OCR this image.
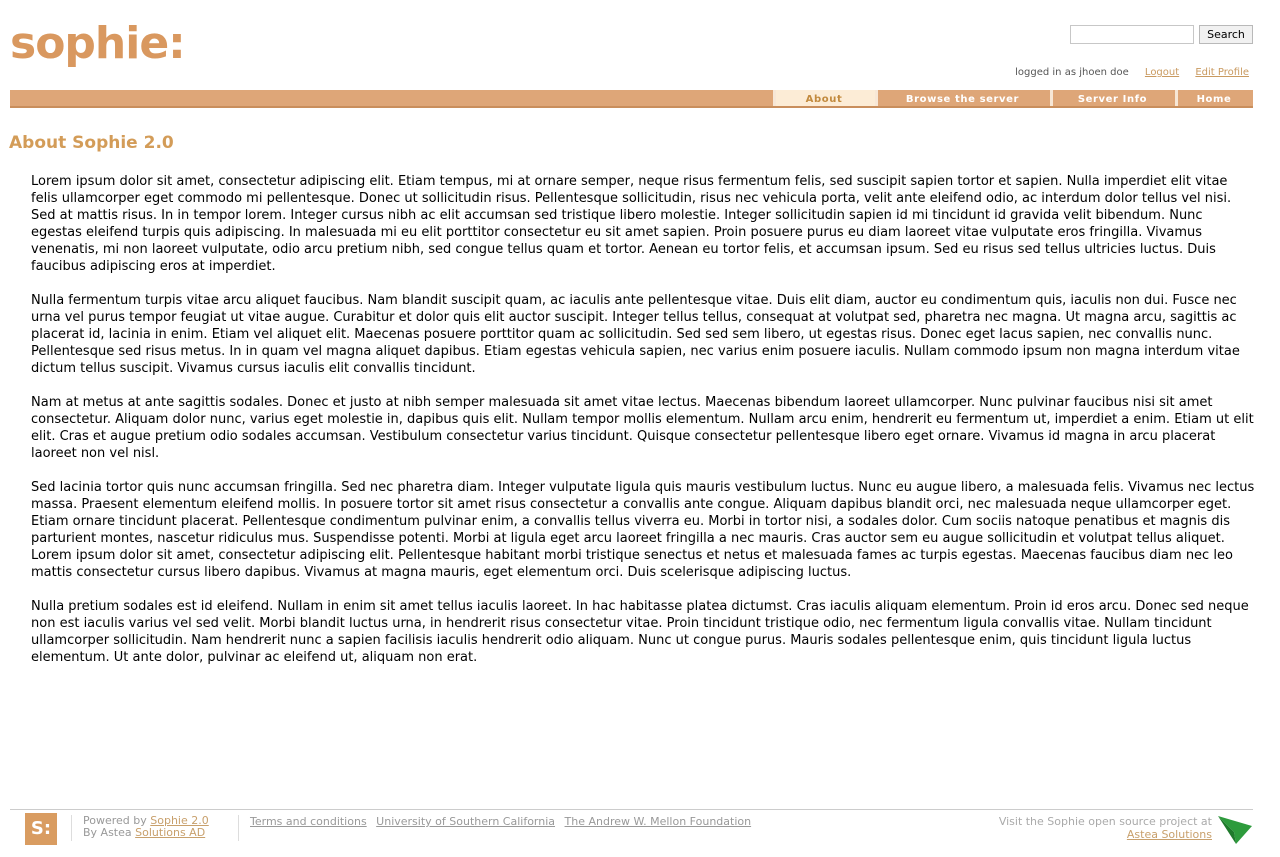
sophie:	Search
logged in as jhoen doe Logout Edit Profile
About	Browse the server	Server Info	Home
About Sophie 2.0

Lorem ipsum dolor sit amet, consectetur adipiscing elit. Etiam tempus, mi at ornare semper, neque risus fermentum felis, sed suscipit sapien tortor et sapien. Nulla imperdiet elit vitae felis ullamcorper eget commodo mi pellentesque. Donec ut sollicitudin risus. Pellentesque sollicitudin, risus nec vehicula porta, velit ante eleifend odio, ac interdum dolor tellus vel nisi. Sed at mattis risus. In in tempor lorem. Integer cursus nibh ac elit accumsan sed tristique libero molestie. Integer sollicitudin sapien id mi tincidunt id gravida velit bibendum. Nunc egestas eleifend turpis quis adipiscing. In malesuada mi eu elit porttitor consectetur eu sit amet sapien. Proin posuere purus eu diam laoreet vitae vulputate eros fringilla. Vivamus venenatis, mi non laoreet vulputate, odio arcu pretium nibh, sed congue tellus quam et tortor. Aenean eu tortor felis, et accumsan ipsum. Sed eu risus sed tellus ultricies luctus. Duis faucibus adipiscing eros at imperdiet.

Nulla fermentum turpis vitae arcu aliquet faucibus. Nam blandit suscipit quam, ac iaculis ante pellentesque vitae. Duis elit diam, auctor eu condimentum quis, iaculis non dui. Fusce nec urna vel purus tempor feugiat ut vitae augue. Curabitur et dolor quis elit auctor suscipit. Integer tellus tellus, consequat at volutpat sed, pharetra nec magna. Ut magna arcu, sagittis ac placerat id, lacinia in enim. Etiam vel aliquet elit. Maecenas posuere porttitor quam ac sollicitudin. Sed sed sem libero, ut egestas risus. Donec eget lacus sapien, nec convallis nunc. Pellentesque sed risus metus. In in quam vel magna aliquet dapibus. Etiam egestas vehicula sapien, nec varius enim posuere iaculis. Nullam commodo ipsum non magna interdum vitae dictum tellus suscipit. Vivamus cursus iaculis elit convallis tincidunt.

Nam at metus at ante sagittis sodales. Donec et justo at nibh semper malesuada sit amet vitae lectus. Maecenas bibendum laoreet ullamcorper. Nunc pulvinar faucibus nisi sit amet consectetur. Aliquam dolor nunc, varius eget molestie in, dapibus quis elit. Nullam tempor mollis elementum. Nullam arcu enim, hendrerit eu fermentum ut, imperdiet a enim. Etiam ut elit elit. Cras et augue pretium odio sodales accumsan. Vestibulum consectetur varius tincidunt. Quisque consectetur pellentesque libero eget ornare. Vivamus id magna in arcu placerat laoreet non vel nisl.

Sed lacinia tortor quis nunc accumsan fringilla. Sed nec pharetra diam. Integer vulputate ligula quis mauris vestibulum luctus. Nunc eu augue libero, a malesuada felis. Vivamus nec lectus massa. Praesent elementum eleifend mollis. In posuere tortor sit amet risus consectetur a convallis ante congue. Aliquam dapibus blandit orci, nec malesuada neque ullamcorper eget. Etiam ornare tincidunt placerat. Pellentesque condimentum pulvinar enim, a convallis tellus viverra eu. Morbi in tortor nisi, a sodales dolor. Cum sociis natoque penatibus et magnis dis parturient montes, nascetur ridiculus mus. Suspendisse potenti. Morbi at ligula eget arcu laoreet fringilla a nec mauris. Cras auctor sem eu augue sollicitudin et volutpat tellus aliquet. Lorem ipsum dolor sit amet, consectetur adipiscing elit. Pellentesque habitant morbi tristique senectus et netus et malesuada fames ac turpis egestas. Maecenas faucibus diam nec leo mattis consectetur cursus libero dapibus. Vivamus at magna mauris, eget elementum orci. Duis scelerisque adipiscing luctus.

Nulla pretium sodales est id eleifend. Nullam in enim sit amet tellus iaculis laoreet. In hac habitasse platea dictumst. Cras iaculis aliquam elementum. Proin id eros arcu. Donec sed neque non est iaculis varius vel sed velit. Morbi blandit luctus urna, in hendrerit risus consectetur vitae. Proin tincidunt tristique odio, nec fermentum ligula convallis vitae. Nullam tincidunt ullamcorper sollicitudin. Nam hendrerit nunc a sapien facilisis iaculis hendrerit odio aliquam. Nunc ut congue purus. Mauris sodales pellentesque enim, quis tincidunt ligula luctus elementum. Ut ante dolor, pulvinar ac eleifend ut, aliquam non erat.

S:	Powered by Sophie 2.0
By Astea Solutions AD
Terms and conditions University of Southern California The Andrew W. Mellon Foundation	Visit the Sophie open source project at
Astea Solutions
